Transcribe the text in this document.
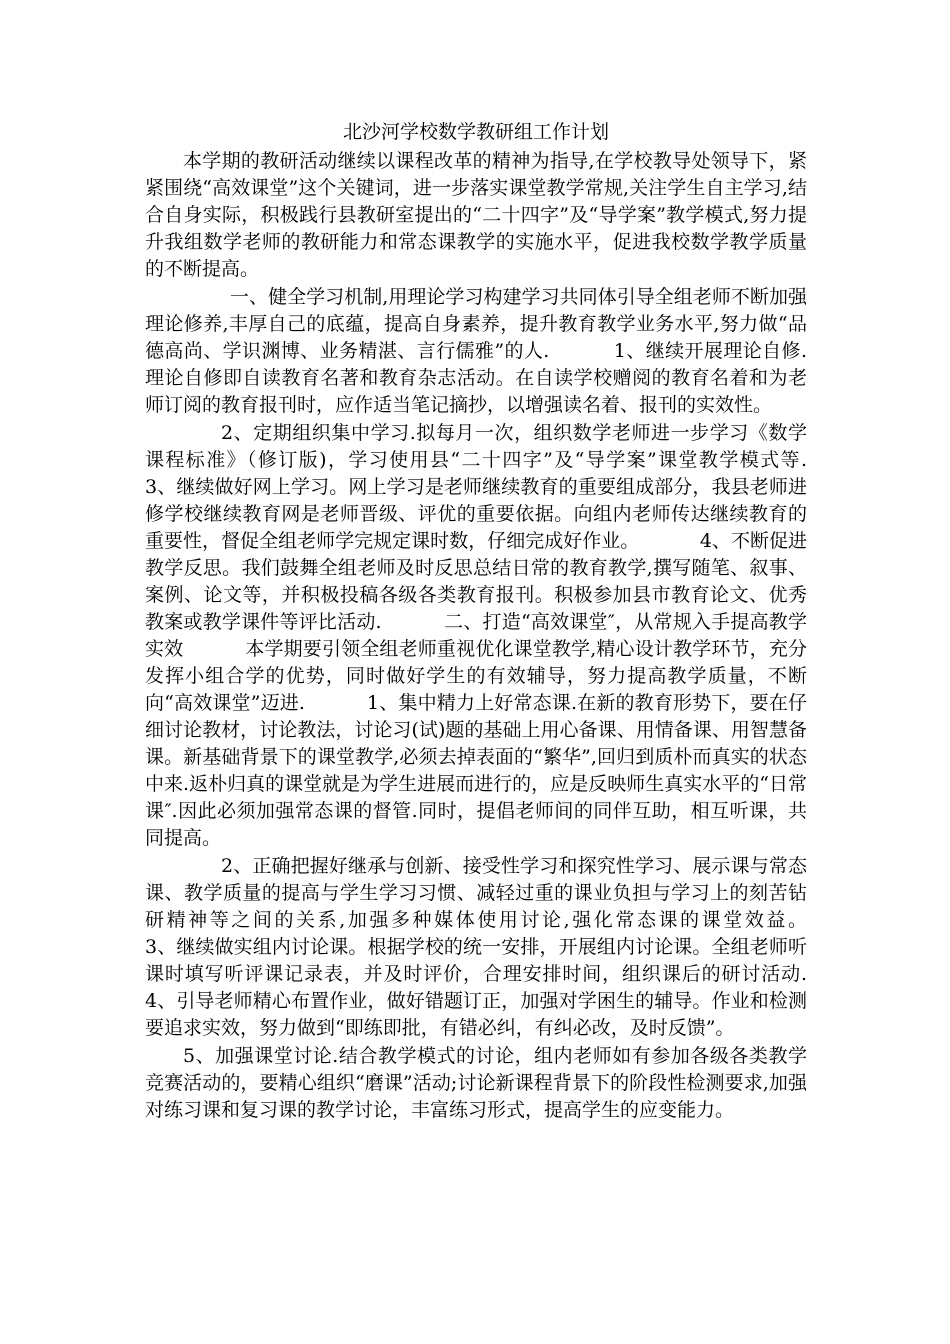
北沙河学校数学教研组工作计划

本学期的教研活动继续以课程改革的精神为指导,在学校教导处领导下，紧紧围绕“高效课堂”这个关键词，进一步落实课堂教学常规,关注学生自主学习,结合自身实际，积极践行县教研室提出的“二十四字”及“导学案”教学模式,努力提升我组数学老师的教研能力和常态课教学的实施水平，促进我校数学教学质量的不断提高。

一、健全学习机制,用理论学习构建学习共同体引导全组老师不断加强理论修养,丰厚自己的底蕴，提高自身素养，提升教育教学业务水平,努力做“品德高尚、学识渊博、业务精湛、言行儒雅”的人.          1、继续开展理论自修.理论自修即自读教育名著和教育杂志活动。在自读学校赠阅的教育名着和为老师订阅的教育报刊时，应作适当笔记摘抄，以增强读名着、报刊的实效性。

2、定期组织集中学习.拟每月一次，组织数学老师进一步学习《数学课程标准》（修订版)，学习使用县“二十四字”及“导学案”课堂教学模式等.          3、继续做好网上学习。网上学习是老师继续教育的重要组成部分，我县老师进修学校继续教育网是老师晋级、评优的重要依据。向组内老师传达继续教育的重要性，督促全组老师学完规定课时数，仔细完成好作业。          4、不断促进教学反思。我们鼓舞全组老师及时反思总结日常的教育教学,撰写随笔、叙事、案例、论文等，并积极投稿各级各类教育报刊。积极参加县市教育论文、优秀教案或教学课件等评比活动.          二、打造“高效课堂″，从常规入手提高教学实效          本学期要引领全组老师重视优化课堂教学,精心设计教学环节，充分发挥小组合学的优势，同时做好学生的有效辅导，努力提高教学质量，不断向“高效课堂”迈进.          1、集中精力上好常态课.在新的教育形势下，要在仔细讨论教材，讨论教法，讨论习(试)题的基础上用心备课、用情备课、用智慧备课。新基础背景下的课堂教学,必须去掉表面的“繁华”,回归到质朴而真实的状态中来.返朴归真的课堂就是为学生进展而进行的，应是反映师生真实水平的“日常课″.因此必须加强常态课的督管.同时，提倡老师间的同伴互助，相互听课，共同提高。

2、正确把握好继承与创新、接受性学习和探究性学习、展示课与常态课、教学质量的提高与学生学习习惯、减轻过重的课业负担与学习上的刻苦钻研精神等之间的关系,加强多种媒体使用讨论,强化常态课的课堂效益。          3、继续做实组内讨论课。根据学校的统一安排，开展组内讨论课。全组老师听课时填写听评课记录表，并及时评价，合理安排时间，组织课后的研讨活动.          4、引导老师精心布置作业，做好错题订正，加强对学困生的辅导。作业和检测要追求实效，努力做到“即练即批，有错必纠，有纠必改，及时反馈”。

5、加强课堂讨论.结合教学模式的讨论，组内老师如有参加各级各类教学竞赛活动的，要精心组织“磨课”活动;讨论新课程背景下的阶段性检测要求,加强对练习课和复习课的教学讨论，丰富练习形式，提高学生的应变能力。
